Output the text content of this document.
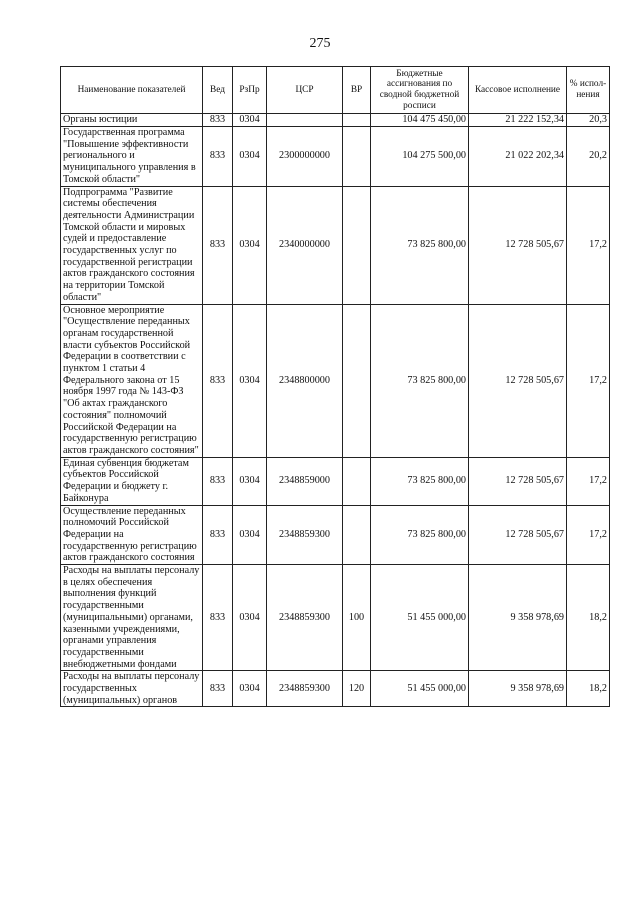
275
Наименование показателей	Вед	РзПр	ЦСР	ВР	Бюджетные ассигнования по сводной бюджетной росписи	Кассовое исполнение	% испол-нения
Органы юстиции	833	0304			104 475 450,00	21 222 152,34	20,3
Государственная программа "Повышение эффективности регионального и муниципального управления в Томской области"	833	0304	2300000000		104 275 500,00	21 022 202,34	20,2
Подпрограмма "Развитие системы обеспечения деятельности Администрации Томской области и мировых судей и предоставление государственных услуг по государственной регистрации актов гражданского состояния на территории Томской области"	833	0304	2340000000		73 825 800,00	12 728 505,67	17,2
Основное мероприятие "Осуществление переданных органам государственной власти субъектов Российской Федерации в соответствии с пунктом 1 статьи 4 Федерального закона от 15 ноября 1997 года № 143-ФЗ "Об актах гражданского состояния" полномочий Российской Федерации на государственную регистрацию актов гражданского состояния"	833	0304	2348800000		73 825 800,00	12 728 505,67	17,2
Единая субвенция бюджетам субъектов Российской Федерации и бюджету г. Байконура	833	0304	2348859000		73 825 800,00	12 728 505,67	17,2
Осуществление переданных полномочий Российской Федерации на государственную регистрацию актов гражданского состояния	833	0304	2348859300		73 825 800,00	12 728 505,67	17,2
Расходы на выплаты персоналу в целях обеспечения выполнения функций государственными (муниципальными) органами, казенными учреждениями, органами управления государственными внебюджетными фондами	833	0304	2348859300	100	51 455 000,00	9 358 978,69	18,2
Расходы на выплаты персоналу государственных (муниципальных) органов	833	0304	2348859300	120	51 455 000,00	9 358 978,69	18,2
